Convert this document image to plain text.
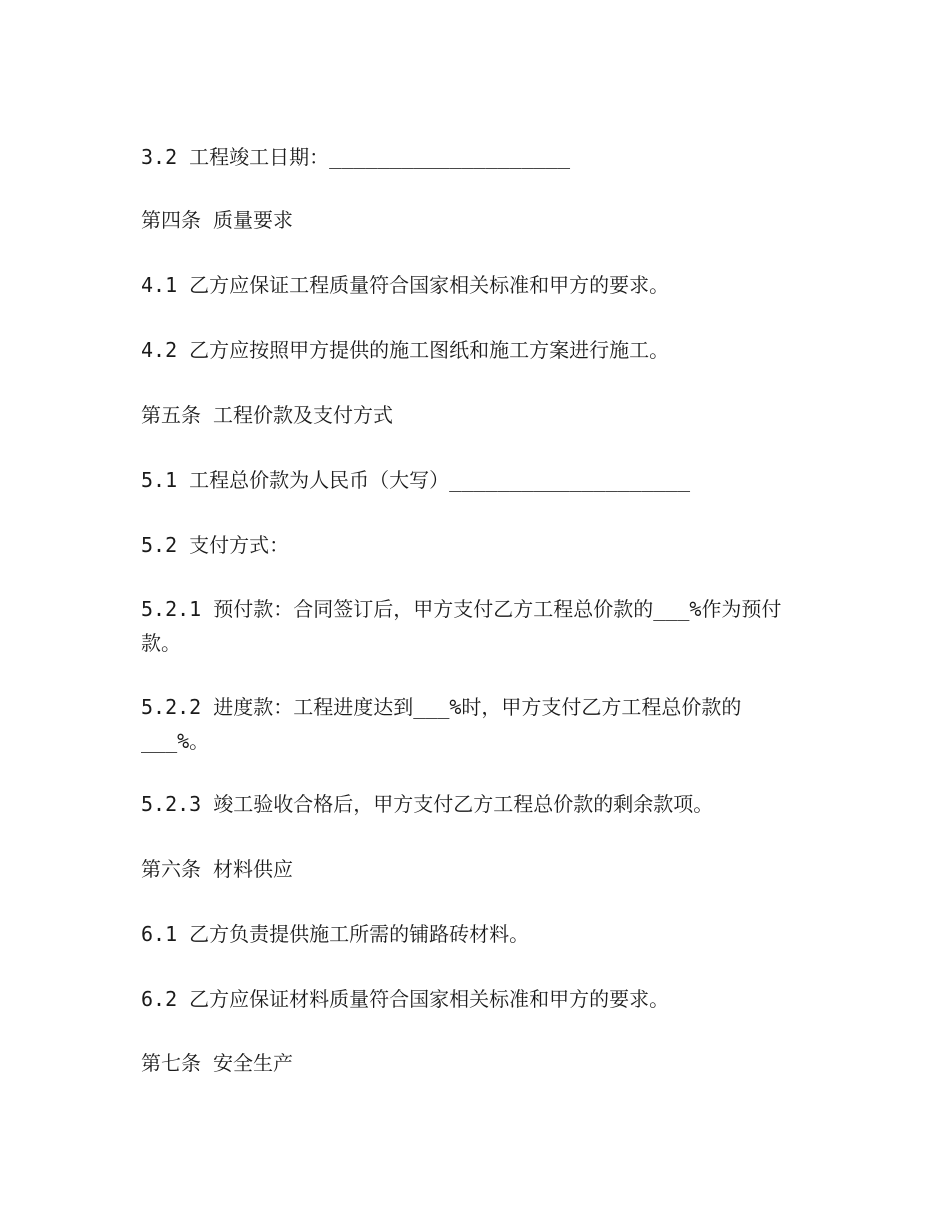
3.2 工程竣工日期：____________________

第四条 质量要求

4.1 乙方应保证工程质量符合国家相关标准和甲方的要求。

4.2 乙方应按照甲方提供的施工图纸和施工方案进行施工。

第五条 工程价款及支付方式

5.1 工程总价款为人民币（大写）____________________

5.2 支付方式：

5.2.1 预付款：合同签订后，甲方支付乙方工程总价款的___%作为预付款。

5.2.2 进度款：工程进度达到___%时，甲方支付乙方工程总价款的___%。

5.2.3 竣工验收合格后，甲方支付乙方工程总价款的剩余款项。

第六条 材料供应

6.1 乙方负责提供施工所需的铺路砖材料。

6.2 乙方应保证材料质量符合国家相关标准和甲方的要求。

第七条 安全生产
